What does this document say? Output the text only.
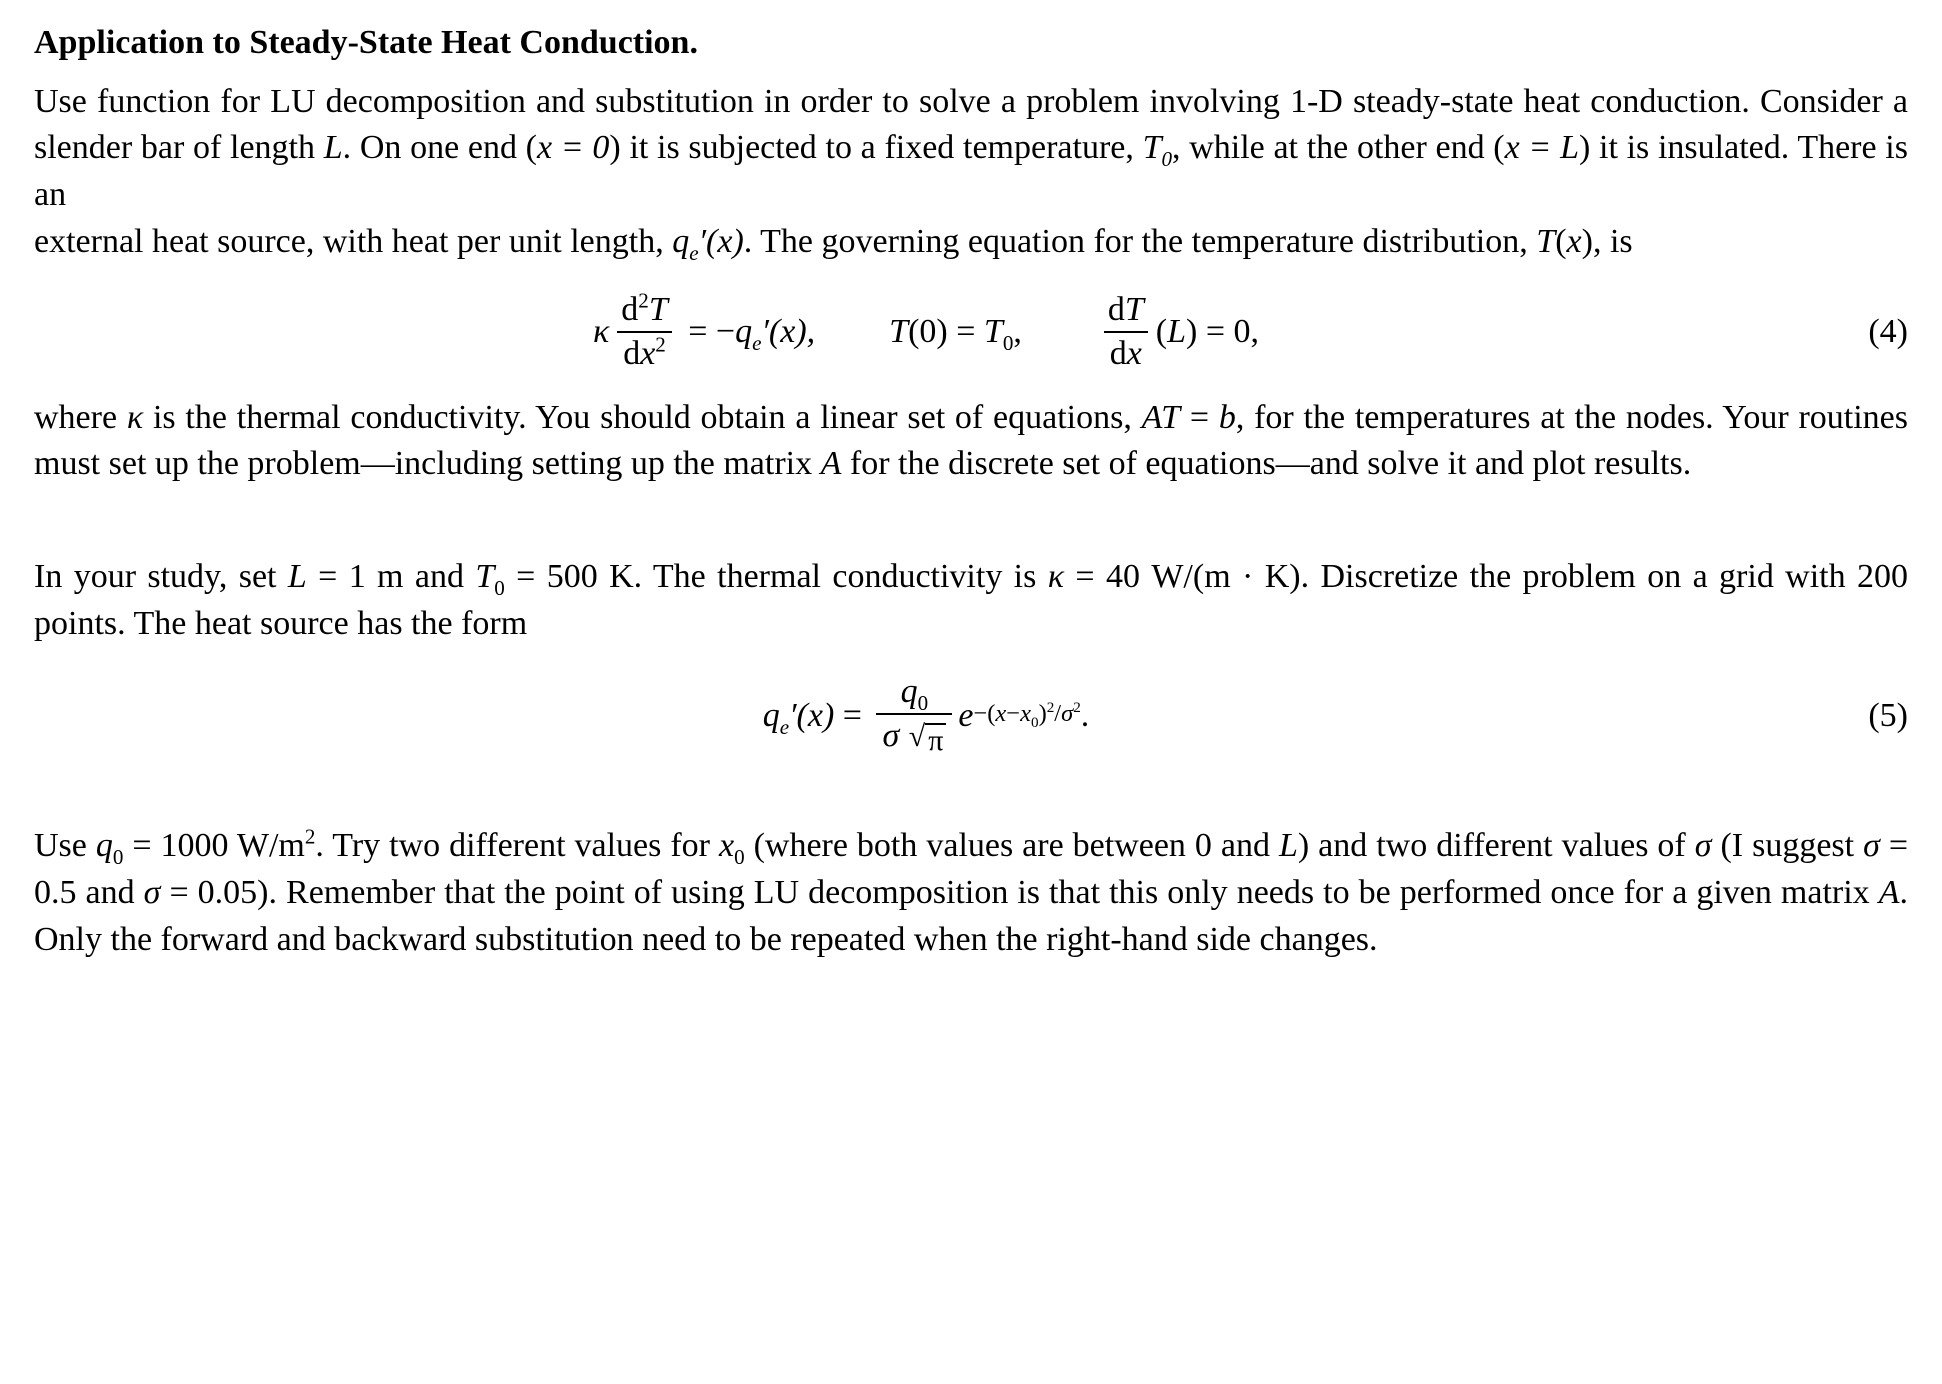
Application to Steady-State Heat Conduction.

Use function for LU decomposition and substitution in order to solve a problem involving 1-D steady-state heat conduction. Consider a slender bar of length L. On one end (x = 0) it is subjected to a fixed temperature, $T_0$, while at the other end (x = L) it is insulated. There is an

external heat source, with heat per unit length, $q_e'(x)$. The governing equation for the temperature distribution, T(x), is

κ $\frac{d^2T}{dx^2}$ = − $q_e'(x)$, T $(0) = T_0$, $\frac{dT}{dx} (L) = 0$,	(4)

where κ is the thermal conductivity. You should obtain a linear set of equations, AT = b, for the temperatures at the nodes. Your routines must set up the problem—including setting up the matrix A for the discrete set of equations—and solve it and plot results.

In your study, set L = 1 m and $T_0 = 500$ K. The thermal conductivity is κ = 40 W/(m · K). Discretize the problem on a grid with 200 points. The heat source has the form

$q_e'(x) = \frac{q_0}{\sigma √ \pi}$ $e -(x-x_0)^2/\sigma^2$ .	(5)

Use $q_0 = 1000$ $W/m^2$. Try two different values for $x_0$ (where both values are between 0 and L) and two different values of σ (I suggest σ = 0.5 and σ = 0.05). Remember that the point of using LU decomposition is that this only needs to be performed once for a given matrix A. Only the forward and backward substitution need to be repeated when the right-hand side changes.
